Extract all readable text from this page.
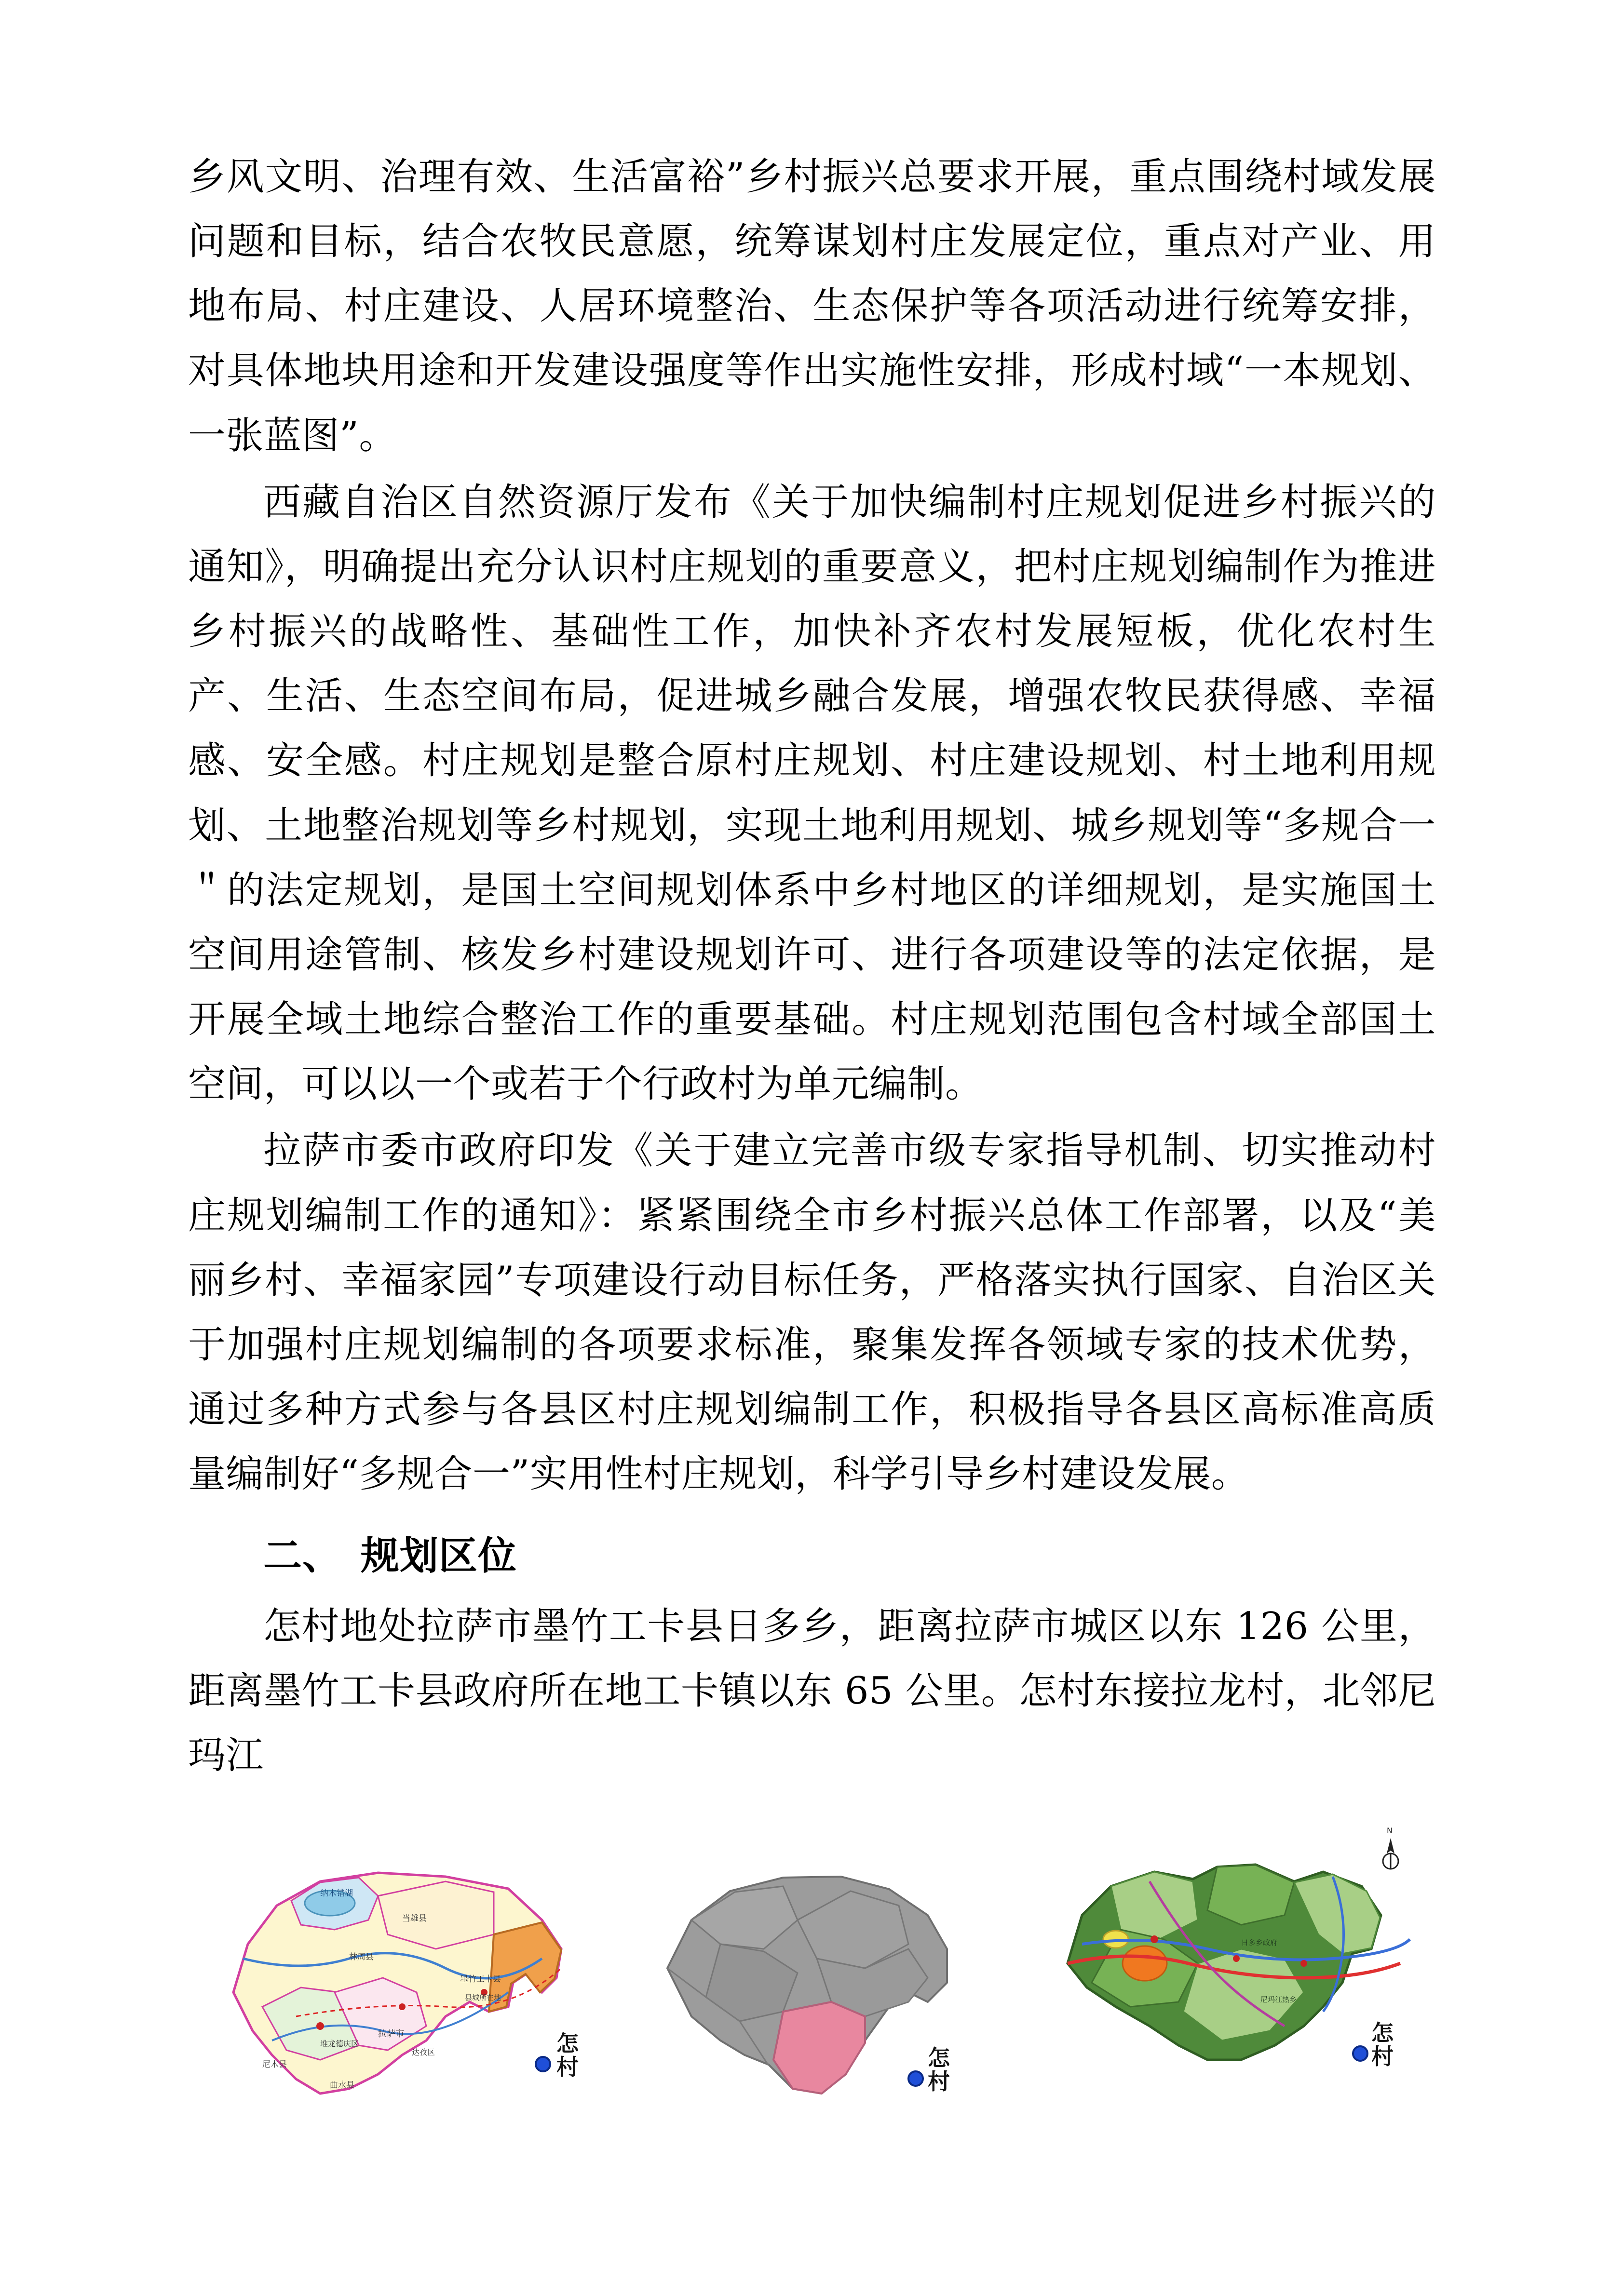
乡风文明、治理有效、生活富裕”乡村振兴总要求开展，重点围绕村域发展问题和目标，结合农牧民意愿，统筹谋划村庄发展定位，重点对产业、用地布局、村庄建设、人居环境整治、生态保护等各项活动进行统筹安排，对具体地块用途和开发建设强度等作出实施性安排，形成村域“一本规划、一张蓝图”。

西藏自治区自然资源厅发布《关于加快编制村庄规划促进乡村振兴的通知》，明确提出充分认识村庄规划的重要意义，把村庄规划编制作为推进乡村振兴的战略性、基础性工作，加快补齐农村发展短板，优化农村生产、生活、生态空间布局，促进城乡融合发展，增强农牧民获得感、幸福感、安全感。村庄规划是整合原村庄规划、村庄建设规划、村土地利用规划、土地整治规划等乡村规划，实现土地利用规划、城乡规划等“多规合一＂的法定规划，是国土空间规划体系中乡村地区的详细规划，是实施国土空间用途管制、核发乡村建设规划许可、进行各项建设等的法定依据，是开展全域土地综合整治工作的重要基础。村庄规划范围包含村域全部国土空间，可以以一个或若于个行政村为单元编制。

拉萨市委市政府印发《关于建立完善市级专家指导机制、切实推动村庄规划编制工作的通知》：紧紧围绕全市乡村振兴总体工作部署，以及“美丽乡村、幸福家园”专项建设行动目标任务，严格落实执行国家、自治区关于加强村庄规划编制的各项要求标准，聚集发挥各领域专家的技术优势，通过多种方式参与各县区村庄规划编制工作，积极指导各县区高标准高质量编制好“多规合一”实用性村庄规划，科学引导乡村建设发展。

二、 规划区位

怎村地处拉萨市墨竹工卡县日多乡，距离拉萨市城区以东 126 公里，距离墨竹工卡县政府所在地工卡镇以东 65 公里。怎村东接拉龙村，北邻尼玛江

纳木错湖
当雄县
林周县
墨竹工卡县
县城所在地
拉萨市
堆龙德庆区
达孜区
尼木县
曲水县
怎
村	怎
村
N
日多乡政府
尼玛江热乡
怎
村
